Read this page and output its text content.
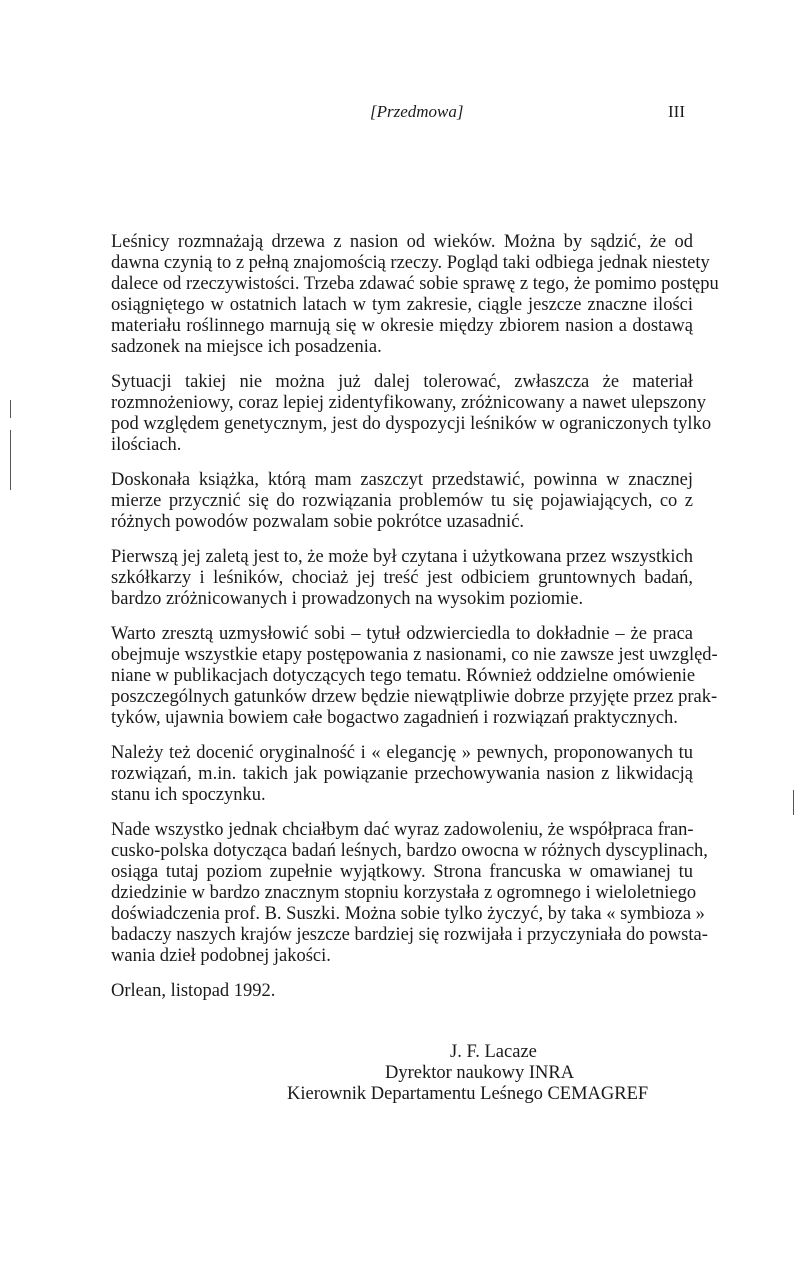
[Przedmowa]	III
Leśnicy rozmnażają drzewa z nasion od wieków. Można by sądzić, że od
dawna czynią to z pełną znajomością rzeczy. Pogląd taki odbiega jednak niestety
dalece od rzeczywistości. Trzeba zdawać sobie sprawę z tego, że pomimo postępu
osiągniętego w ostatnich latach w tym zakresie, ciągle jeszcze znaczne ilości
materiału roślinnego marnują się w okresie między zbiorem nasion a dostawą
sadzonek na miejsce ich posadzenia.
Sytuacji takiej nie można już dalej tolerować, zwłaszcza że materiał
rozmnożeniowy, coraz lepiej zidentyfikowany, zróżnicowany a nawet ulepszony
pod względem genetycznym, jest do dyspozycji leśników w ograniczonych tylko
ilościach.
Doskonała książka, którą mam zaszczyt przedstawić, powinna w znacznej
mierze przycznić się do rozwiązania problemów tu się pojawiających, co z
różnych powodów pozwalam sobie pokrótce uzasadnić.
Pierwszą jej zaletą jest to, że może był czytana i użytkowana przez wszystkich
szkółkarzy i leśników, chociaż jej treść jest odbiciem gruntownych badań,
bardzo zróżnicowanych i prowadzonych na wysokim poziomie.
Warto zresztą uzmysłowić sobi – tytuł odzwierciedla to dokładnie – że praca
obejmuje wszystkie etapy postępowania z nasionami, co nie zawsze jest uwzględ-
niane w publikacjach dotyczących tego tematu. Również oddzielne omówienie
poszczególnych gatunków drzew będzie niewątpliwie dobrze przyjęte przez prak-
tyków, ujawnia bowiem całe bogactwo zagadnień i rozwiązań praktycznych.
Należy też docenić oryginalność i « elegancję » pewnych, proponowanych tu
rozwiązań, m.in. takich jak powiązanie przechowywania nasion z likwidacją
stanu ich spoczynku.
Nade wszystko jednak chciałbym dać wyraz zadowoleniu, że współpraca fran-
cusko-polska dotycząca badań leśnych, bardzo owocna w różnych dyscyplinach,
osiąga tutaj poziom zupełnie wyjątkowy. Strona francuska w omawianej tu
dziedzinie w bardzo znacznym stopniu korzystała z ogromnego i wieloletniego
doświadczenia prof. B. Suszki. Można sobie tylko życzyć, by taka « symbioza »
badaczy naszych krajów jeszcze bardziej się rozwijała i przyczyniała do powsta-
wania dzieł podobnej jakości.
Orlean, listopad 1992.
J. F. Lacaze
Dyrektor naukowy INRA
Kierownik Departamentu Leśnego CEMAGREF
